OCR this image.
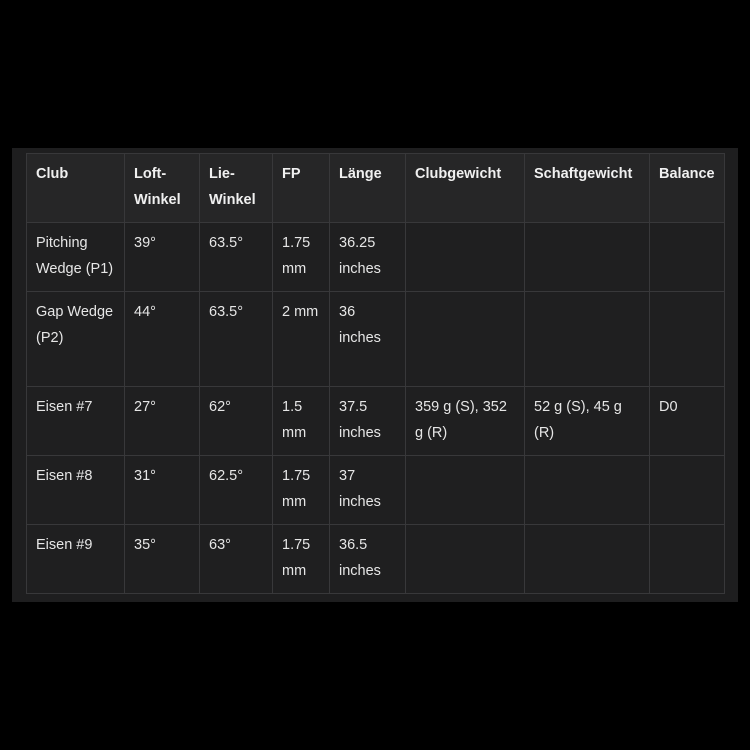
Club	Loft-Winkel	Lie-Winkel	FP	Länge	Clubgewicht	Schaftgewicht	Balance
Pitching Wedge (P1)	39°	63.5°	1.75 mm	36.25 inches			
Gap Wedge (P2)	44°	63.5°	2 mm	36 inches			
Eisen #7	27°	62°	1.5 mm	37.5 inches	359 g (S), 352 g (R)	52 g (S), 45 g (R)	D0
Eisen #8	31°	62.5°	1.75 mm	37 inches			
Eisen #9	35°	63°	1.75 mm	36.5 inches			
